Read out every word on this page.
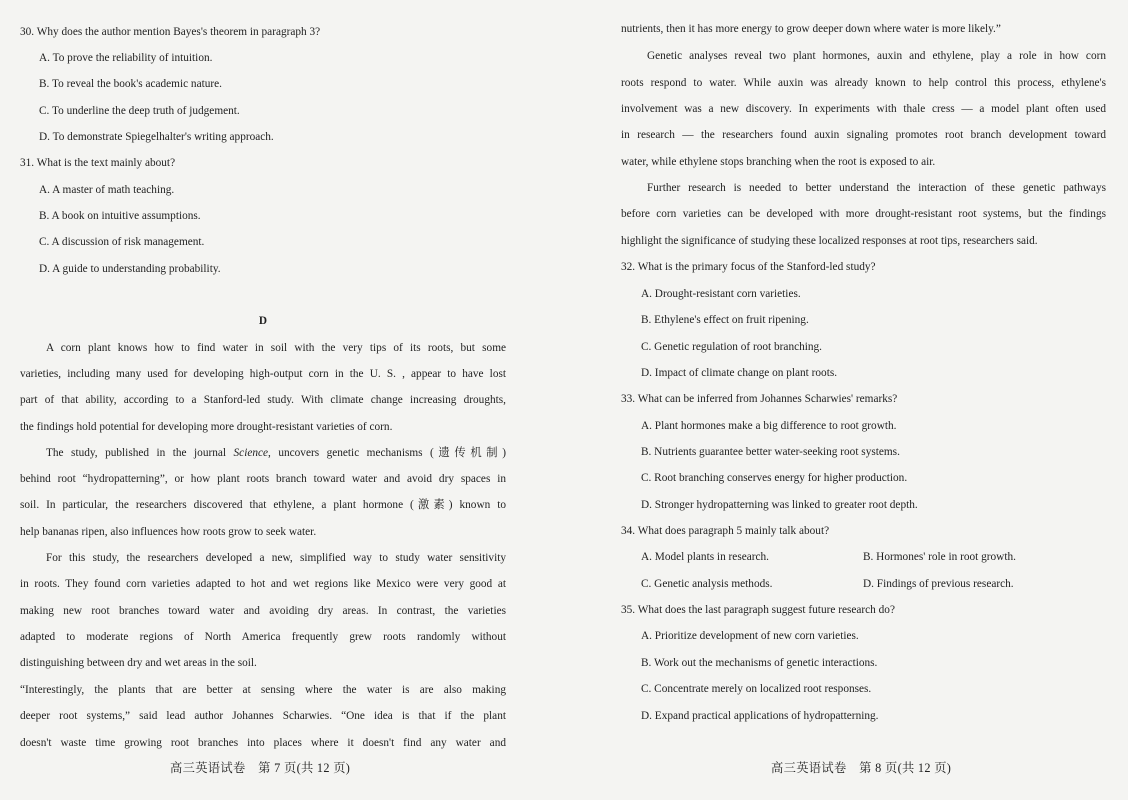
30. Why does the author mention Bayes's theorem in paragraph 3?
A. To prove the reliability of intuition.
B. To reveal the book's academic nature.
C. To underline the deep truth of judgement.
D. To demonstrate Spiegelhalter's writing approach.
31. What is the text mainly about?
A. A master of math teaching.
B. A book on intuitive assumptions.
C. A discussion of risk management.
D. A guide to understanding probability.
D
A corn plant knows how to find water in soil with the very tips of its roots, but some
varieties, including many used for developing high-output corn in the U. S. , appear to have lost
part of that ability, according to a Stanford-led study. With climate change increasing droughts,
the findings hold potential for developing more drought-resistant varieties of corn.
The study, published in the journal Science, uncovers genetic mechanisms (遗传机制)
behind root “hydropatterning”, or how plant roots branch toward water and avoid dry spaces in
soil. In particular, the researchers discovered that ethylene, a plant hormone (激素) known to
help bananas ripen, also influences how roots grow to seek water.
For this study, the researchers developed a new, simplified way to study water sensitivity
in roots. They found corn varieties adapted to hot and wet regions like Mexico were very good at
making new root branches toward water and avoiding dry areas. In contrast, the varieties
adapted to moderate regions of North America frequently grew roots randomly without
distinguishing between dry and wet areas in the soil.
“Interestingly, the plants that are better at sensing where the water is are also making
deeper root systems,” said lead author Johannes Scharwies. “One idea is that if the plant
doesn't waste time growing root branches into places where it doesn't find any water and
高三英语试卷　第 7 页(共 12 页)
nutrients, then it has more energy to grow deeper down where water is more likely.”
Genetic analyses reveal two plant hormones, auxin and ethylene, play a role in how corn
roots respond to water. While auxin was already known to help control this process, ethylene's
involvement was a new discovery. In experiments with thale cress — a model plant often used
in research — the researchers found auxin signaling promotes root branch development toward
water, while ethylene stops branching when the root is exposed to air.
Further research is needed to better understand the interaction of these genetic pathways
before corn varieties can be developed with more drought-resistant root systems, but the findings
highlight the significance of studying these localized responses at root tips, researchers said.
32. What is the primary focus of the Stanford-led study?
A. Drought-resistant corn varieties.
B. Ethylene's effect on fruit ripening.
C. Genetic regulation of root branching.
D. Impact of climate change on plant roots.
33. What can be inferred from Johannes Scharwies' remarks?
A. Plant hormones make a big difference to root growth.
B. Nutrients guarantee better water-seeking root systems.
C. Root branching conserves energy for higher production.
D. Stronger hydropatterning was linked to greater root depth.
34. What does paragraph 5 mainly talk about?
A. Model plants in research.	B. Hormones' role in root growth.
C. Genetic analysis methods.	D. Findings of previous research.
35. What does the last paragraph suggest future research do?
A. Prioritize development of new corn varieties.
B. Work out the mechanisms of genetic interactions.
C. Concentrate merely on localized root responses.
D. Expand practical applications of hydropatterning.
高三英语试卷　第 8 页(共 12 页)
